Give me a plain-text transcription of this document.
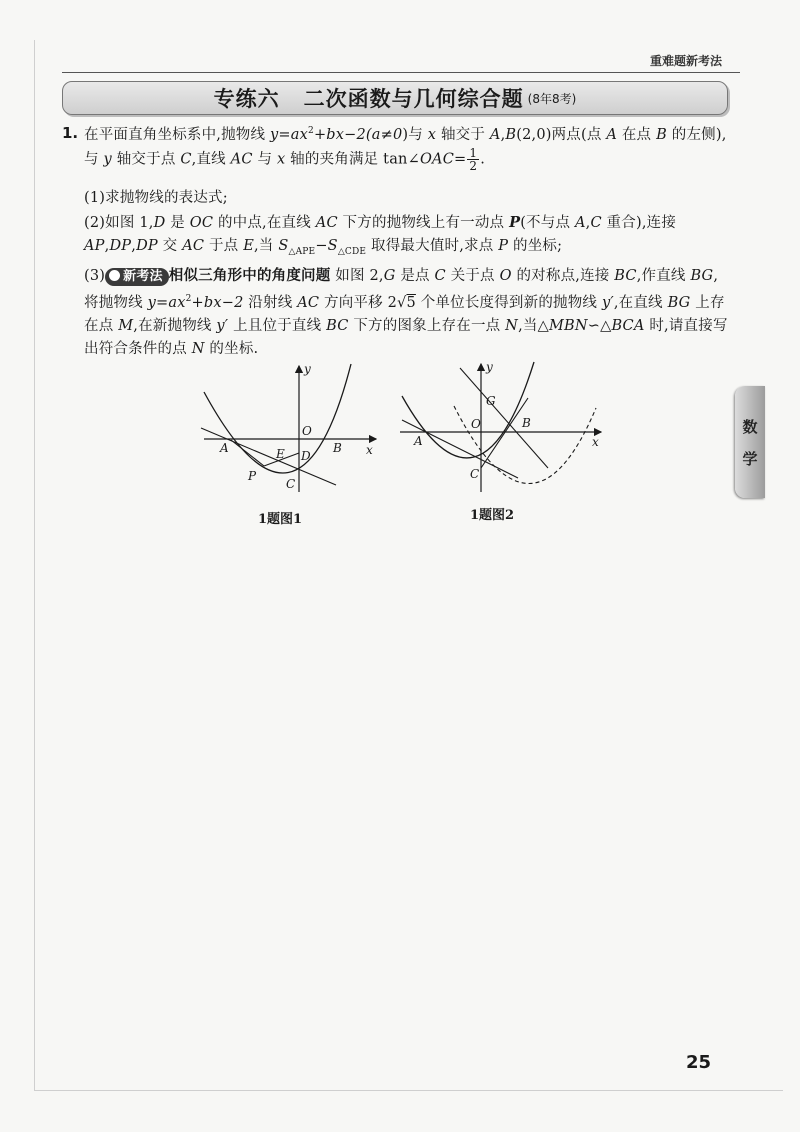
重难题新考法
专练六 二次函数与几何综合题 (8年8考)
1. 在平面直角坐标系中,抛物线 $y=ax^2+bx-2(a\ne 0)$与 x 轴交于 A,B(2,0)两点(点 A 在点 B 的左侧),与 y 轴交于点 C,直线 AC 与 x 轴的夹角满足 tan∠OAC= $\frac{1}{2}$ .
(1)求抛物线的表达式;
(2)如图 1,D 是 OC 的中点,在直线 AC 下方的抛物线上有一动点 P(不与点 A,C 重合),连接 AP,DP,DP 交 AC 于点 E,当 $S_{\triangle APE}-S_{\triangle CDE}$ 取得最大值时,求点 P 的坐标;
(3) 新考法 相似三角形中的角度问题 如图 2,G 是点 C 关于点 O 的对称点,连接 BC,作直线 BG,将抛物线 $y=ax^2+bx-2$ 沿射线 AC 方向平移 2√5 个单位长度得到新的抛物线 y′,在直线 BG 上存在点 M,在新抛物线 y′ 上且位于直线 BC 下方的图象上存在一点 N,当△MBN∽△BCA 时,请直接写出符合条件的点 N 的坐标.
y
x
O
A	B
E D
P
C
y
x
G
O	B
A
C
1题图1	1题图2
数
学
25
